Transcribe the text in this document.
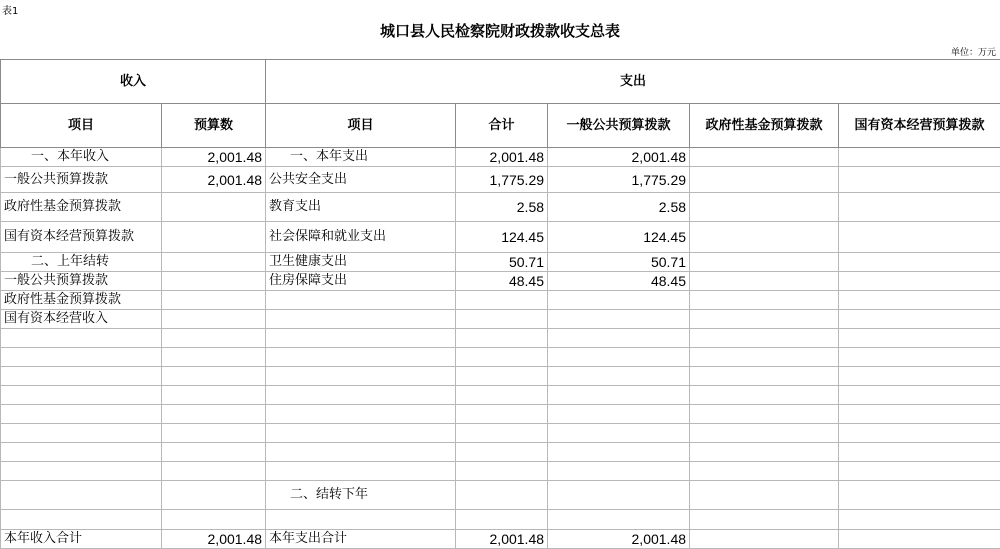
表1
城口县人民检察院财政拨款收支总表
单位：万元
收入		支出				
项目	预算数	项目	合计	一般公共预算拨款	政府性基金预算拨款	国有资本经营预算拨款
一、本年收入	2,001.48	一、本年支出	2,001.48	2,001.48		
一般公共预算拨款	2,001.48	公共安全支出	1,775.29	1,775.29		
政府性基金预算拨款		教育支出	2.58	2.58		
国有资本经营预算拨款		社会保障和就业支出	124.45	124.45		
二、上年结转		卫生健康支出	50.71	50.71		
一般公共预算拨款		住房保障支出	48.45	48.45		
政府性基金预算拨款						
国有资本经营收入						

		二、结转下年				

本年收入合计	2,001.48	本年支出合计	2,001.48	2,001.48		
